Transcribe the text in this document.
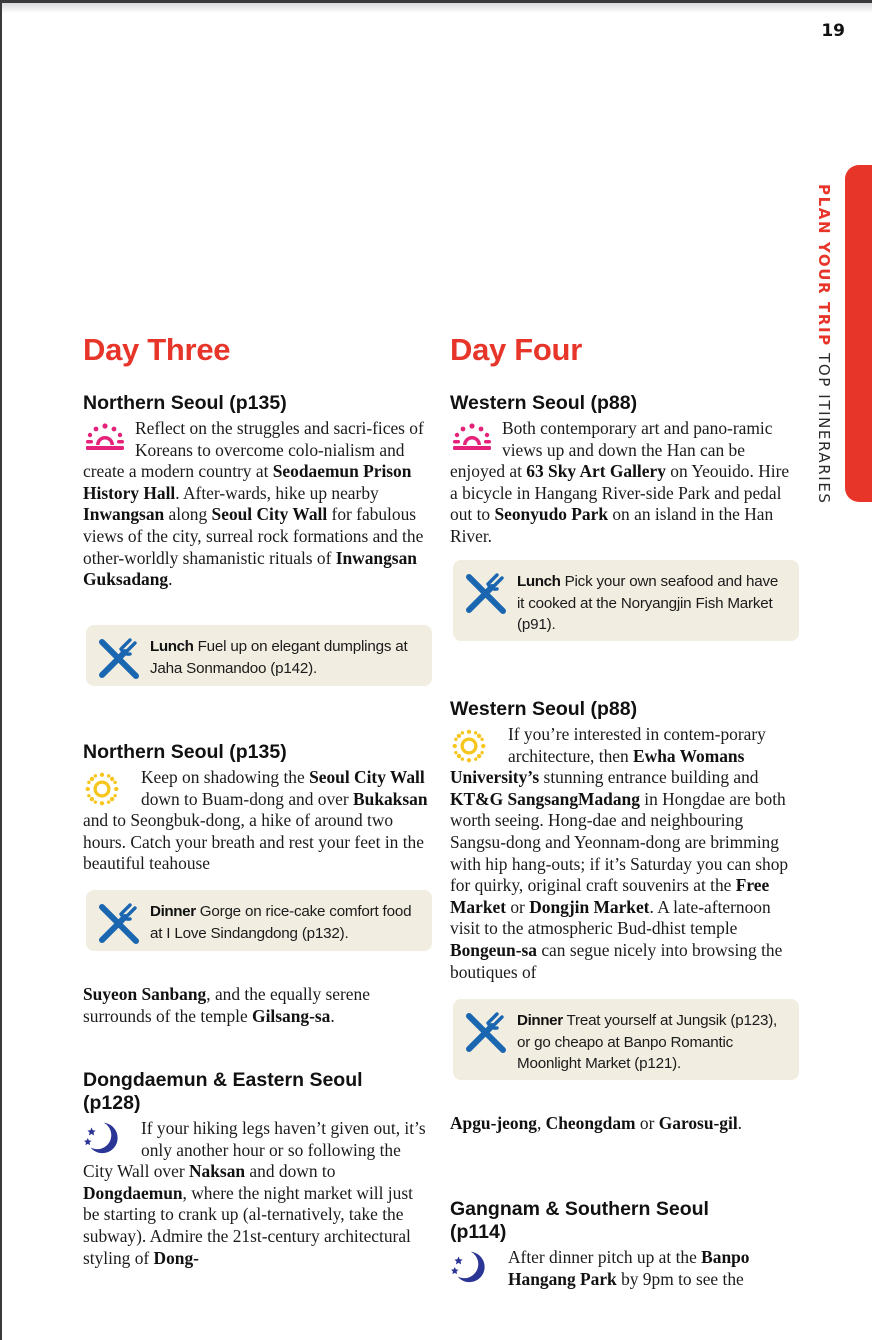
19
PLAN YOUR TRIP TOP ITINERARIES
Day Three
Northern Seoul (p135)

Reflect on the struggles and sacri-fices of Koreans to overcome colo-nialism and create a modern country at Seodaemun Prison History Hall. After-wards, hike up nearby Inwangsan along Seoul City Wall for fabulous views of the city, surreal rock formations and the other-worldly shamanistic rituals of Inwangsan Guksadang.

Lunch Fuel up on elegant dumplings at Jaha Sonmandoo (p142).
Northern Seoul (p135)

Keep on shadowing the Seoul City Wall down to Buam-dong and over Bukaksan and to Seongbuk-dong, a hike of around two hours. Catch your breath and rest your feet in the beautiful teahouse

Dinner Gorge on rice-cake comfort food at I Love Sindangdong (p132).

Suyeon Sanbang, and the equally serene surrounds of the temple Gilsang-sa.

Dongdaemun & Eastern Seoul
(p128)

If your hiking legs haven’t given out, it’s only another hour or so following the City Wall over Naksan and down to Dongdaemun, where the night market will just be starting to crank up (al-ternatively, take the subway). Admire the 21st-century architectural styling of Dong-

Day Four
Western Seoul (p88)

Both contemporary art and pano-ramic views up and down the Han can be enjoyed at 63 Sky Art Gallery on Yeouido. Hire a bicycle in Hangang River-side Park and pedal out to Seonyudo Park on an island in the Han River.

Lunch Pick your own seafood and have it cooked at the Noryangjin Fish Market (p91).
Western Seoul (p88)

If you’re interested in contem-porary architecture, then Ewha Womans University’s stunning entrance building and KT&G SangsangMadang in Hongdae are both worth seeing. Hong-dae and neighbouring Sangsu-dong and Yeonnam-dong are brimming with hip hang-outs; if it’s Saturday you can shop for quirky, original craft souvenirs at the Free Market or Dongjin Market. A late-afternoon visit to the atmospheric Bud-dhist temple Bongeun-sa can segue nicely into browsing the boutiques of

Dinner Treat yourself at Jungsik (p123), or go cheapo at Banpo Romantic Moonlight Market (p121).

Apgu-jeong, Cheongdam or Garosu-gil.

Gangnam & Southern Seoul
(p114)

After dinner pitch up at the Banpo Hangang Park by 9pm to see the
